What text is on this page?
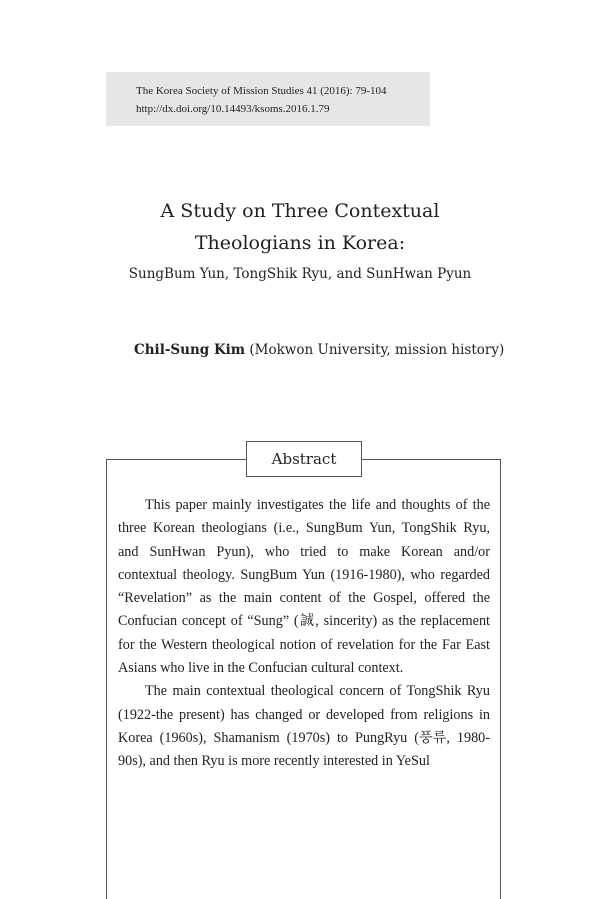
The Korea Society of Mission Studies 41 (2016): 79-104
http://dx.doi.org/10.14493/ksoms.2016.1.79
A Study on Three Contextual
Theologians in Korea:
SungBum Yun, TongShik Ryu, and SunHwan Pyun
Chil-Sung Kim (Mokwon University, mission history)
Abstract

This paper mainly investigates the life and thoughts of the three Korean theologians (i.e., SungBum Yun, TongShik Ryu, and SunHwan Pyun), who tried to make Korean and/or contextual theology. SungBum Yun (1916-1980), who regarded “Revelation” as the main content of the Gospel, offered the Confucian concept of “Sung” (誠, sincerity) as the replacement for the Western theological notion of revelation for the Far East Asians who live in the Confucian cultural context.

The main contextual theological concern of TongShik Ryu (1922-the present) has changed or developed from religions in Korea (1960s), Shamanism (1970s) to PungRyu (풍류, 1980-90s), and then Ryu is more recently interested in YeSul
